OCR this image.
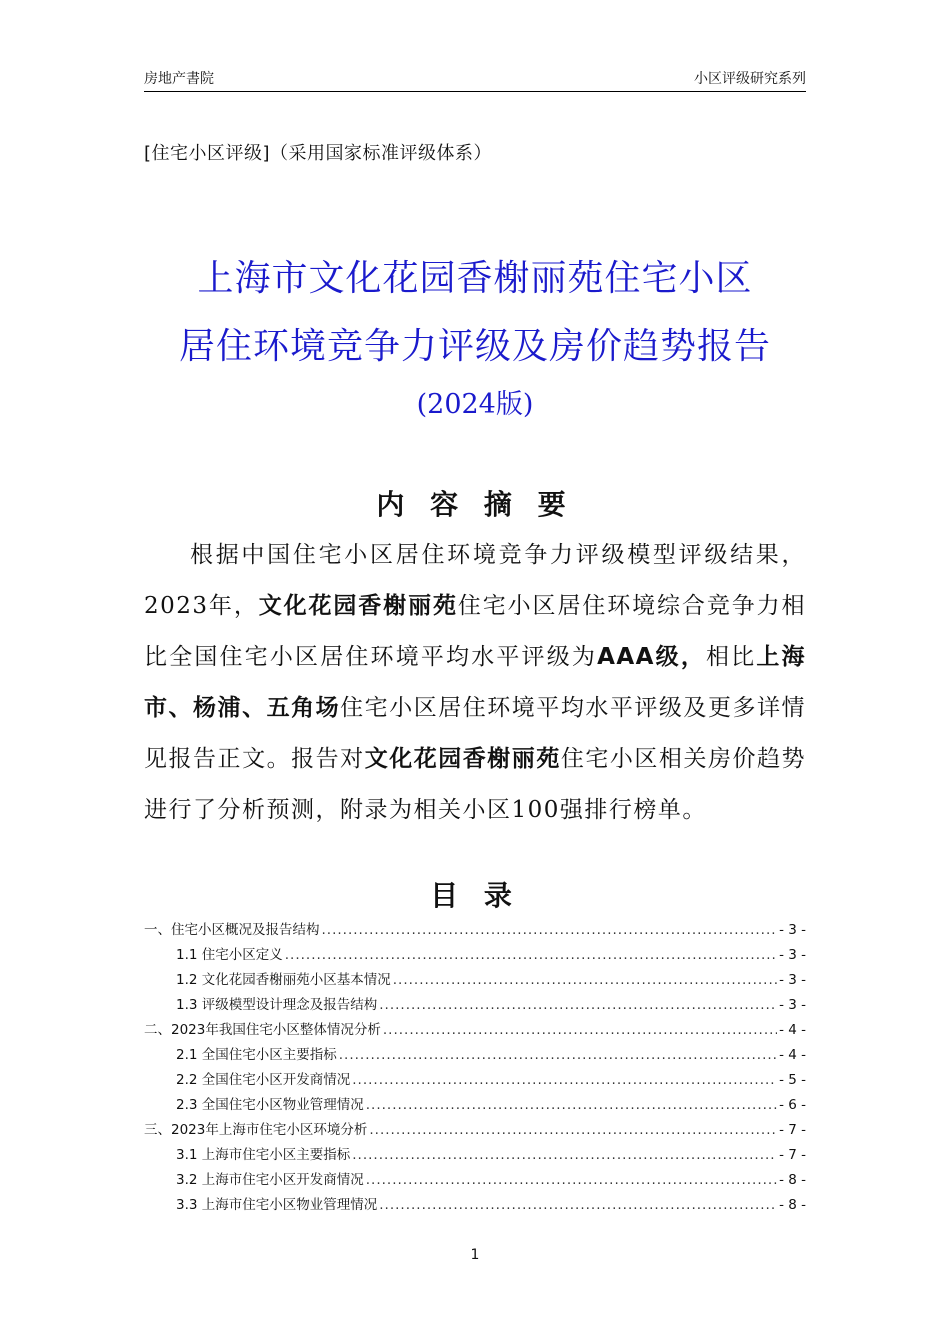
房地产書院	小区评级研究系列
[住宅小区评级]（采用国家标准评级体系）
上海市文化花园香榭丽苑住宅小区
居住环境竞争力评级及房价趋势报告
(2024版)
内 容 摘 要

根据中国住宅小区居住环境竞争力评级模型评级结果，2023年，文化花园香榭丽苑住宅小区居住环境综合竞争力相比全国住宅小区居住环境平均水平评级为AAA级，相比上海市、杨浦、五角场住宅小区居住环境平均水平评级及更多详情见报告正文。报告对文化花园香榭丽苑住宅小区相关房价趋势进行了分析预测，附录为相关小区100强排行榜单。

目 录
一、住宅小区概况及报告结构 .....	- 3 -
1.1 住宅小区定义 .....	- 3 -
1.2 文化花园香榭丽苑小区基本情况 .....	- 3 -
1.3 评级模型设计理念及报告结构 .....	- 3 -
二、2023年我国住宅小区整体情况分析 .....	- 4 -
2.1 全国住宅小区主要指标 .....	- 4 -
2.2 全国住宅小区开发商情况 .....	- 5 -
2.3 全国住宅小区物业管理情况 .....	- 6 -
三、2023年上海市住宅小区环境分析 .....	- 7 -
3.1 上海市住宅小区主要指标 .....	- 7 -
3.2 上海市住宅小区开发商情况 .....	- 8 -
3.3 上海市住宅小区物业管理情况 .....	- 8 -
1
